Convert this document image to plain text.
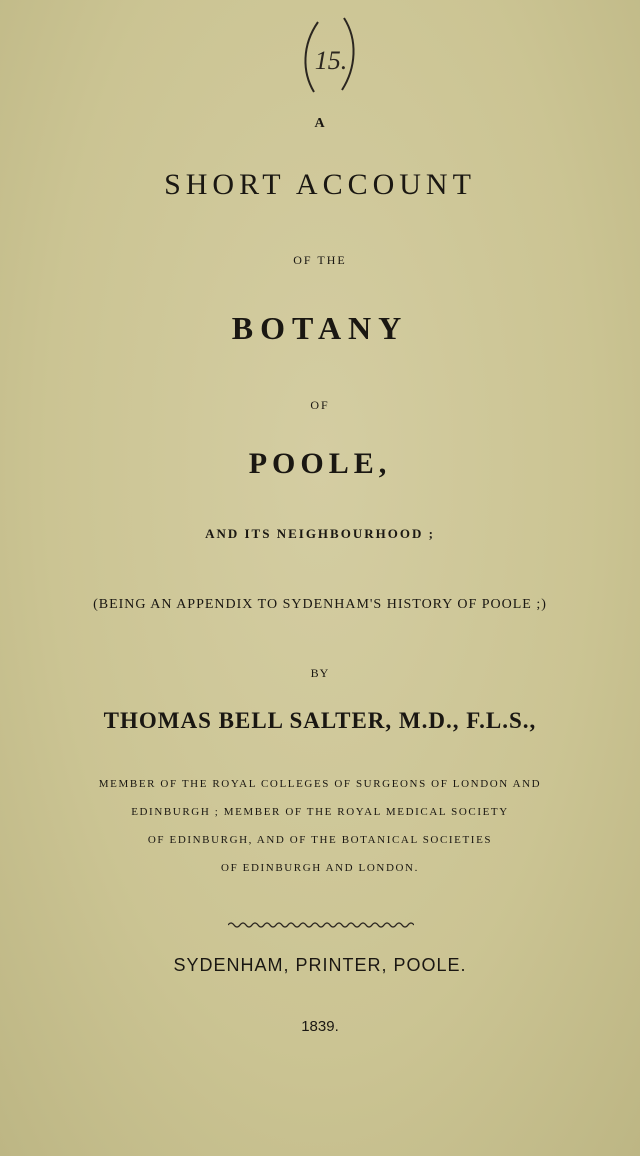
15.
A
SHORT ACCOUNT
OF THE
BOTANY
OF
POOLE,
AND ITS NEIGHBOURHOOD ;
(BEING AN APPENDIX TO SYDENHAM'S HISTORY OF POOLE ;)
BY
THOMAS BELL SALTER, M.D., F.L.S.,
MEMBER OF THE ROYAL COLLEGES OF SURGEONS OF LONDON AND
EDINBURGH ; MEMBER OF THE ROYAL MEDICAL SOCIETY
OF EDINBURGH, AND OF THE BOTANICAL SOCIETIES
OF EDINBURGH AND LONDON.
SYDENHAM, PRINTER, POOLE.
1839.
